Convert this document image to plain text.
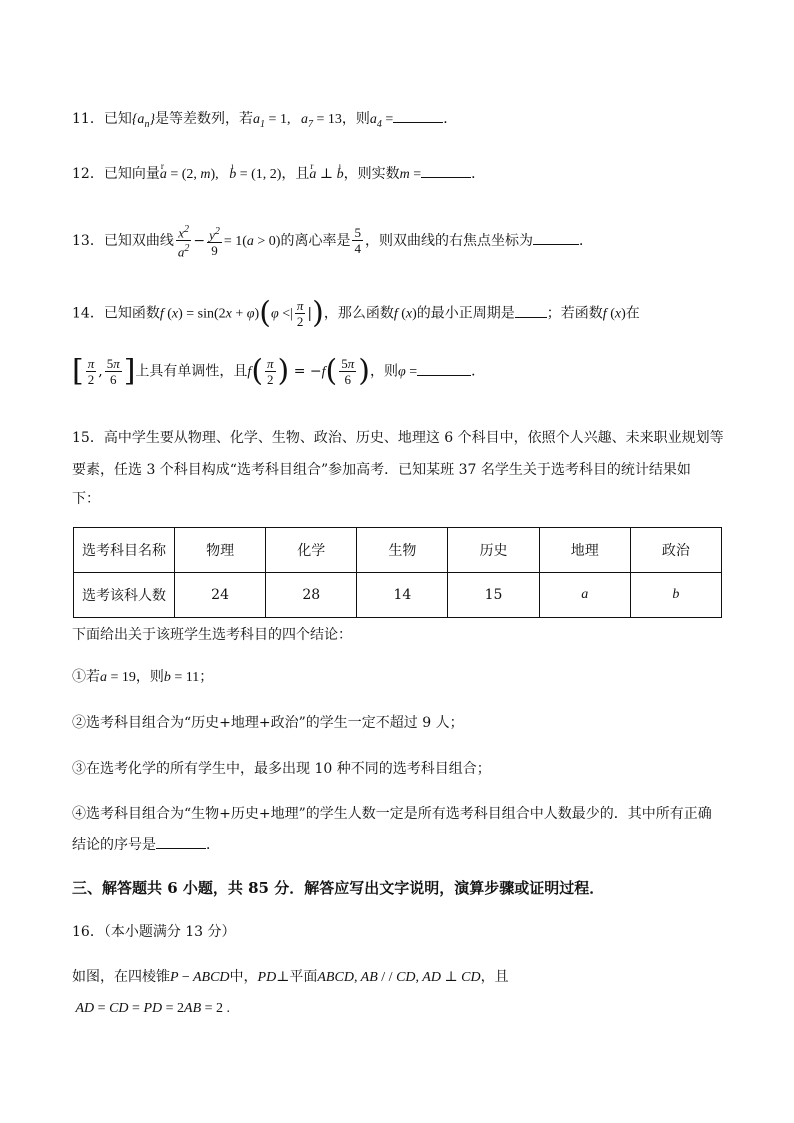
11．已知$\{a_n\}$是等差数列，若$a_1 = 1$,   $a_7 = 13$，则$a_4$ =	．
12．已知向量r a = (2, m), ı b = (1, 2)，且r a ⊥ ı b，则实数m =	．
13．已知双曲线 $\frac{x^2}{a^2} - \frac{y^2}{9} = 1(a > 0)$的离心率是 $\frac{5}{4}$ ，则双曲线的右焦点坐标为	．
14．已知函数f (x) = sin(2x + φ)(φ <| $\frac{\pi}{2}$ |)，那么函数f (x)的最小正周期是 ；若函数f (x)在
[ $\frac{\pi}{2}$ , $\frac{5\pi}{6}$ ]上具有单调性，且$f( \frac{\pi}{2}$ ) = $-f( \frac{5\pi}{6}$ )，则φ =	．
15．高中学生要从物理、化学、生物、政治、历史、地理这 6 个科目中，依照个人兴趣、未来职业规划等
要素，任选 3 个科目构成“选考科目组合”参加高考．已知某班 37 名学生关于选考科目的统计结果如
下：
选考科目名称	物理	化学	生物	历史	地理	政治
选考该科人数	24	28	14	15	a	b
下面给出关于该班学生选考科目的四个结论：
①若a = 19，则b = 11；
②选考科目组合为“历史+地理+政治”的学生一定不超过 9 人；
③在选考化学的所有学生中，最多出现 10 种不同的选考科目组合；
④选考科目组合为“生物+历史+地理”的学生人数一定是所有选考科目组合中人数最少的．其中所有正确
结论的序号是	．
三、解答题共 6 小题，共 85 分．解答应写出文字说明，演算步骤或证明过程．
16．（本小题满分 13 分）
如图，在四棱锥P − ABCD中，PD⊥平面ABCD, AB / / CD, AD ⊥ CD，且
AD = CD = PD = 2AB = 2 .
